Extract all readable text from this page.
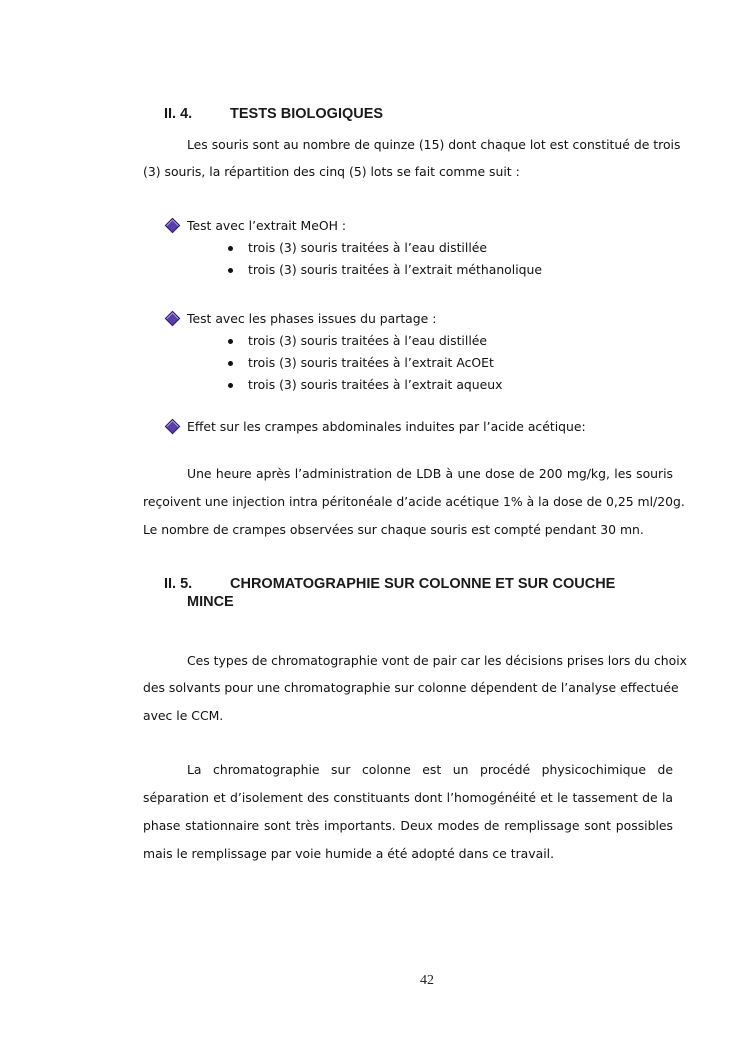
II. 4.	TESTS BIOLOGIQUES
Les souris sont au nombre de quinze (15) dont chaque lot est constitué de trois
(3) souris, la répartition des cinq (5) lots se fait comme suit :
Test avec l’extrait MeOH :
trois (3) souris traitées à l’eau distillée
trois (3) souris traitées à l’extrait méthanolique
Test avec les phases issues du partage :
trois (3) souris traitées à l’eau distillée
trois (3) souris traitées à l’extrait AcOEt
trois (3) souris traitées à l’extrait aqueux
Effet sur les crampes abdominales induites par l’acide acétique:
Une heure après l’administration de LDB à une dose de 200 mg/kg, les souris
reçoivent une injection intra péritonéale d’acide acétique 1% à la dose de 0,25 ml/20g.
Le nombre de crampes observées sur chaque souris est compté pendant 30 mn.
II. 5.	CHROMATOGRAPHIE SUR COLONNE ET SUR COUCHE
MINCE
Ces types de chromatographie vont de pair car les décisions prises lors du choix
des solvants pour une chromatographie sur colonne dépendent de l’analyse effectuée
avec le CCM.
La chromatographie sur colonne est un procédé physicochimique de
séparation et d’isolement des constituants dont l’homogénéité et le tassement de la
phase stationnaire sont très importants. Deux modes de remplissage sont possibles
mais le remplissage par voie humide a été adopté dans ce travail.
42
